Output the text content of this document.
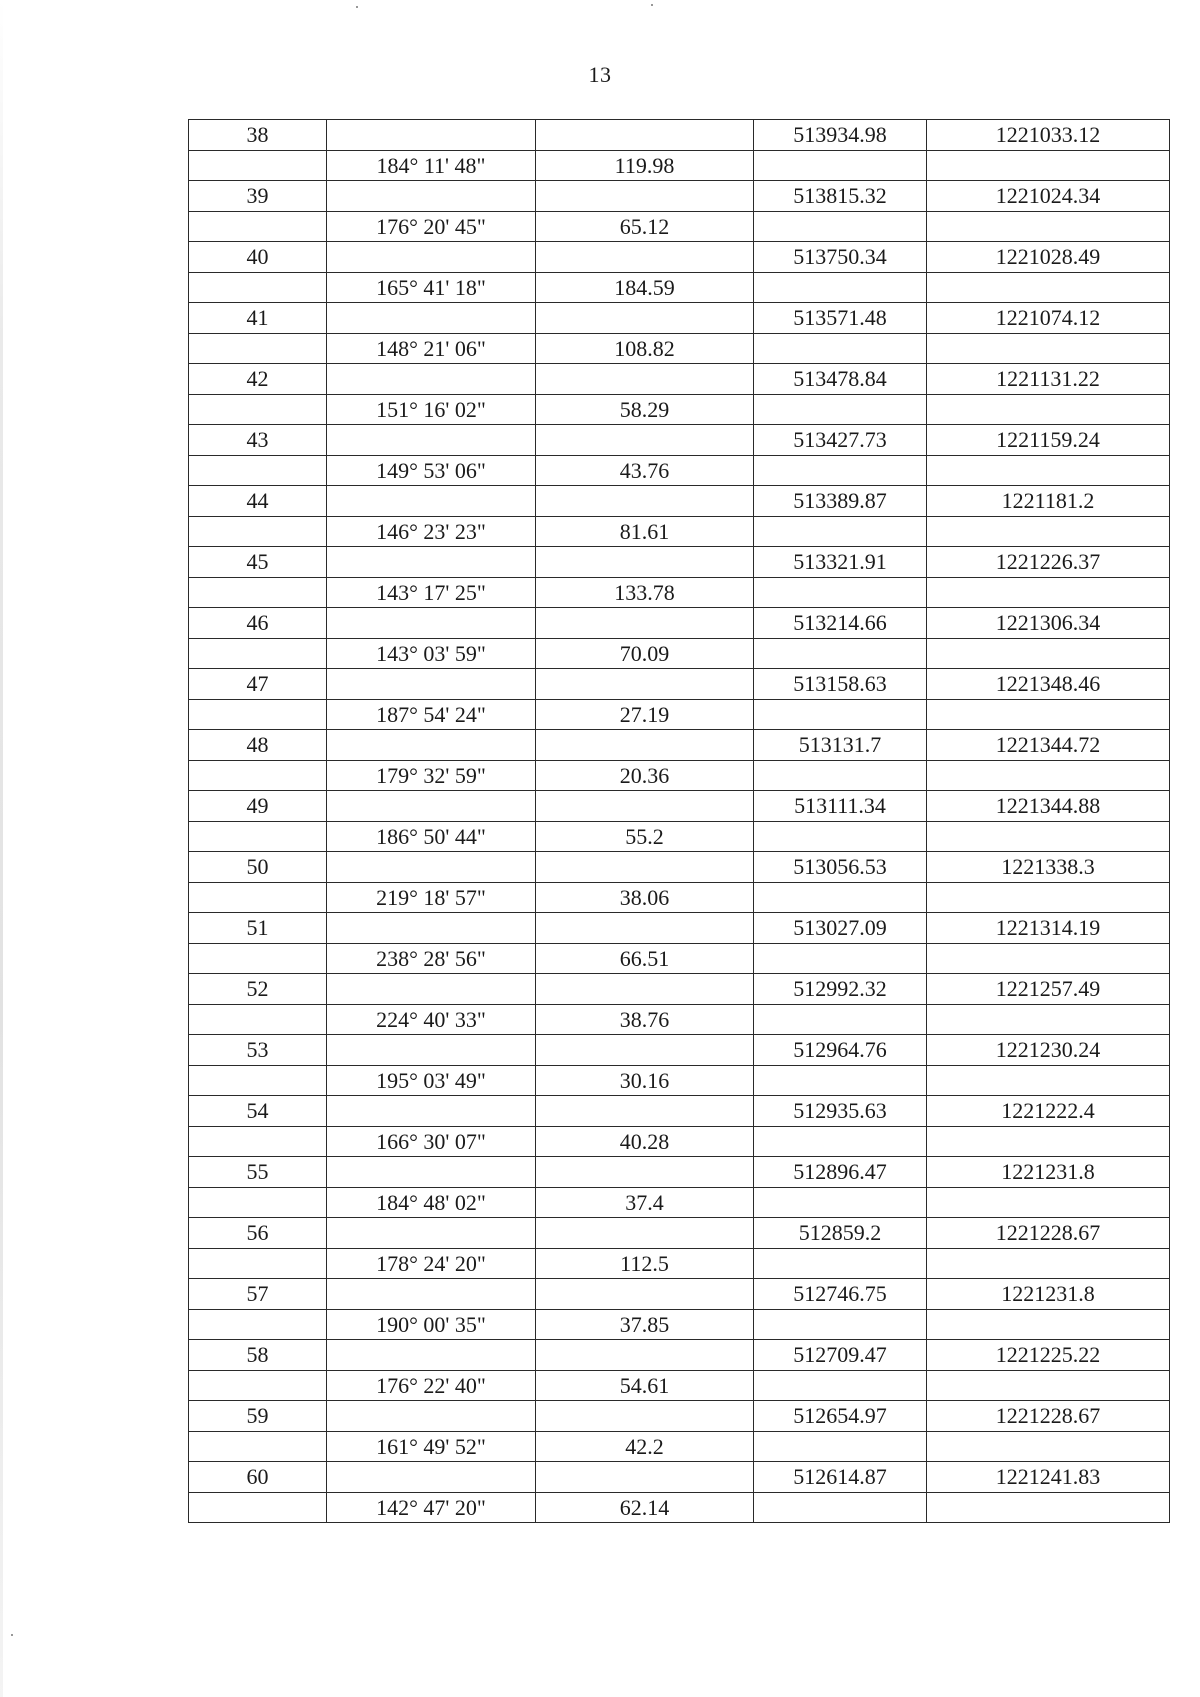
13
38			513934.98	1221033.12
	184° 11' 48"	119.98		
39			513815.32	1221024.34
	176° 20' 45"	65.12		
40			513750.34	1221028.49
	165° 41' 18"	184.59		
41			513571.48	1221074.12
	148° 21' 06"	108.82		
42			513478.84	1221131.22
	151° 16' 02"	58.29		
43			513427.73	1221159.24
	149° 53' 06"	43.76		
44			513389.87	1221181.2
	146° 23' 23"	81.61		
45			513321.91	1221226.37
	143° 17' 25"	133.78		
46			513214.66	1221306.34
	143° 03' 59"	70.09		
47			513158.63	1221348.46
	187° 54' 24"	27.19		
48			513131.7	1221344.72
	179° 32' 59"	20.36		
49			513111.34	1221344.88
	186° 50' 44"	55.2		
50			513056.53	1221338.3
	219° 18' 57"	38.06		
51			513027.09	1221314.19
	238° 28' 56"	66.51		
52			512992.32	1221257.49
	224° 40' 33"	38.76		
53			512964.76	1221230.24
	195° 03' 49"	30.16		
54			512935.63	1221222.4
	166° 30' 07"	40.28		
55			512896.47	1221231.8
	184° 48' 02"	37.4		
56			512859.2	1221228.67
	178° 24' 20"	112.5		
57			512746.75	1221231.8
	190° 00' 35"	37.85		
58			512709.47	1221225.22
	176° 22' 40"	54.61		
59			512654.97	1221228.67
	161° 49' 52"	42.2		
60			512614.87	1221241.83
	142° 47' 20"	62.14		
